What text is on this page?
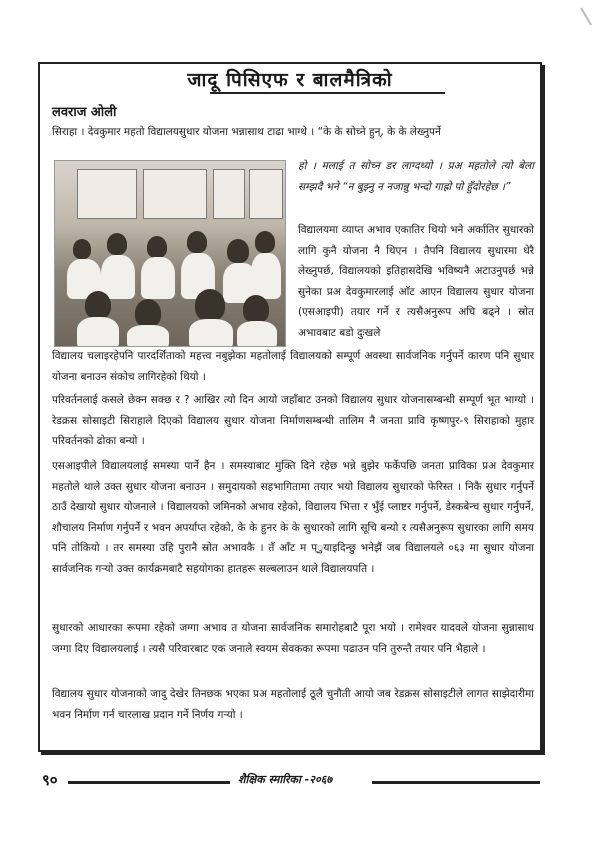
जादू पिसिएफ र बालमैत्रिको
लवराज ओली

सिराहा । देवकुमार महतो विद्यालयसुधार योजना भन्नासाथ टाढा भाग्थे । “के के सोच्ने हुन्, के के लेख्नुपर्ने

हो । मलाई त सोच्न डर लाग्दथ्यो । प्रअ महतोले त्यो बेला सम्झदै भने “न बुझ्नु न नजान्नु भन्दो गाह्रो पो हुँदोरहेछ ।”

विद्यालयमा व्याप्त अभाव एकातिर थियो भने अर्कातिर सुधारको लागि कुनै योजना नै थिएन । तैपनि विद्यालय सुधारमा धेरै लेख्नुपर्छ, विद्यालयको इतिहासदेखि भविष्यनै अटाउनुपर्छ भन्ने सुनेका प्रअ देवकुमारलाई आँट आएन विद्यालय सुधार योजना (एसआइपी) तयार गर्ने र त्यसैअनुरूप अघि बढ्ने । स्रोत अभावबाट बडो दुःखले

विद्यालय चलाइरहेपनि पारदर्शिताको महत्त्व नबुझेका महतोलाई विद्यालयको सम्पूर्ण अवस्था सार्वजनिक गर्नुपर्ने कारण पनि सुधार योजना बनाउन संकोच लागिरहेको थियो ।

परिवर्तनलाई कसले छेक्न सक्छ र ? आखिर त्यो दिन आयो जहाँबाट उनको विद्यालय सुधार योजनासम्बन्धी सम्पूर्ण भूत भाग्यो । रेडक्रस सोसाइटी सिराहाले दिएको विद्यालय सुधार योजना निर्माणसम्बन्धी तालिम नै जनता प्रावि कृष्णपुर-९ सिराहाको मुहार परिवर्तनको ढोका बन्यो ।

एसआइपीले विद्यालयलाई समस्या पार्ने हैन । समस्याबाट मुक्ति दिने रहेछ भन्ने बुझेर फर्केपछि जनता प्राविका प्रअ देवकुमार महतोले थाले उक्त सुधार योजना बनाउन । समुदायको सहभागितामा तयार भयो विद्यालय सुधारको फेरिस्त । निकै सुधार गर्नुपर्ने ठाउँ देखायो सुधार योजनाले । विद्यालयको जमिनको अभाव रहेको, विद्यालय भित्ता र भुँई प्लाष्टर गर्नुपर्ने, डेस्कबेन्च सुधार गर्नुपर्ने, शौचालय निर्माण गर्नुपर्ने र भवन अपर्याप्त रहेको, के के हुनर के के सुधारको लागि सूचि बन्यो र त्यसैअनुरूप सुधारका लागि समय पनि तोकियो । तर समस्या उहि पुरानै स्रोत अभावकै । तँ आँट म प्ुयाइदिन्छु भनेझैं जब विद्यालयले ०६३ मा सुधार योजना सार्वजनिक गर्‍यो उक्त कार्यक्रमबाटै सहयोगका हातहरू सल्बलाउन थाले विद्यालयपति ।

सुधारको आधारका रूपमा रहेको जग्गा अभाव त योजना सार्वजनिक समारोहबाटै पूरा भयो । रामेश्वर यादवले योजना सुन्नासाथ जग्गा दिए विद्यालयलाई । त्यसै परिवारबाट एक जनाले स्वयम सेवकका रूपमा पढाउन पनि तुरुन्तै तयार पनि भैहाले ।

विद्यालय सुधार योजनाको जादु देखेर तिनछक भएका प्रअ महतोलाई ठूलै चुनौती आयो जब रेडक्रस सोसाइटीले लागत साझेदारीमा भवन निर्माण गर्न चारलाख प्रदान गर्ने निर्णय गर्‍यो ।

९०	शैक्षिक स्मारिका -२०६७
